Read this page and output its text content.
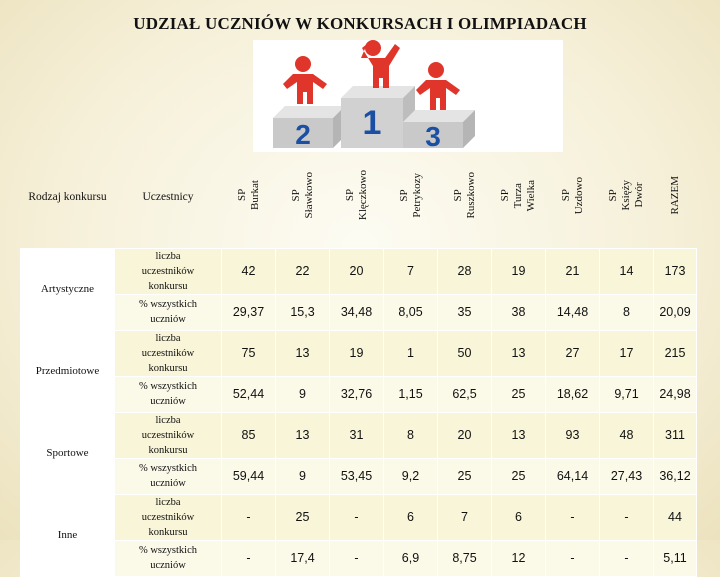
UDZIAŁ UCZNIÓW W KONKURSACH I OLIMPIADACH
2 1 3
Rodzaj konkursu	Uczestnicy	SP Burkat	SP Sławkowo	SP Klęczkowo	SP Petrykozy	SP Ruszkowo	SP Turza Wielka	SP Uzdowo	SP Księży Dwór	RAZEM

Artystyczne	liczba
uczestników
konkursu	42	22	20	7	28	19	21	14	173

	% wszystkich
uczniów	29,37	15,3	34,48	8,05	35	38	14,48	8	20,09
Przedmiotowe	liczba
uczestników
konkursu	75	13	19	1	50	13	27	17	215

	% wszystkich
uczniów	52,44	9	32,76	1,15	62,5	25	18,62	9,71	24,98
Sportowe	liczba
uczestników
konkursu	85	13	31	8	20	13	93	48	311

	% wszystkich
uczniów	59,44	9	53,45	9,2	25	25	64,14	27,43	36,12
Inne	liczba
uczestników
konkursu	-	25	-	6	7	6	-	-	44

	% wszystkich
uczniów	-	17,4	-	6,9	8,75	12	-	-	5,11
